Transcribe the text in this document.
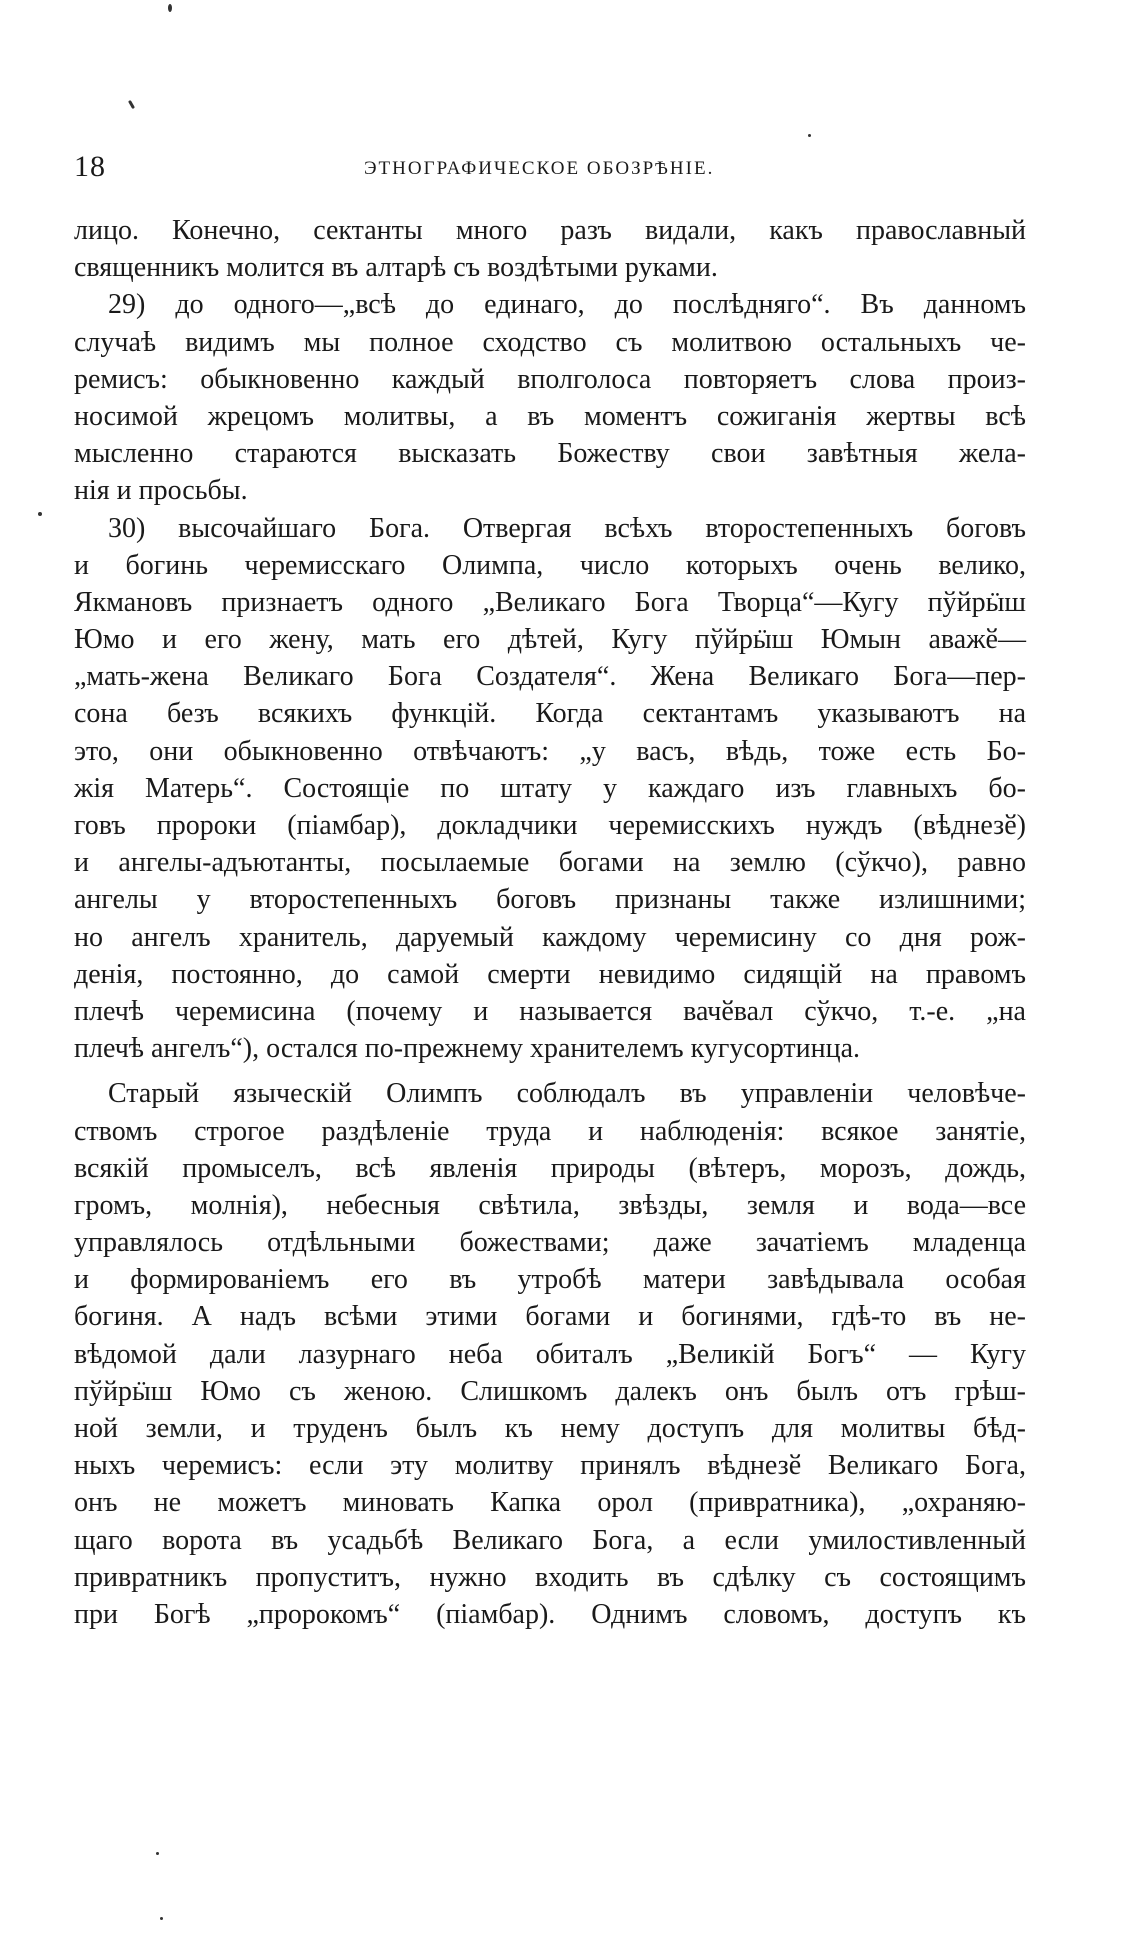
18	ЭТНОГРАФИЧЕСКОЕ ОБОЗРѢНІЕ.
лицо. Конечно, сектанты много разъ видали, какъ православный
священникъ молится въ алтарѣ съ воздѣтыми руками.
29) до одного—„всѣ до единаго, до послѣдняго“. Въ данномъ
случаѣ видимъ мы полное сходство съ молитвою остальныхъ че-
ремисъ: обыкновенно каждый вполголоса повторяетъ слова произ-
носимой жрецомъ молитвы, а въ моментъ сожиганія жертвы всѣ
мысленно стараются высказать Божеству свои завѣтныя жела-
нія и просьбы.
30) высочайшаго Бога. Отвергая всѣхъ второстепенныхъ боговъ
и богинь черемисскаго Олимпа, число которыхъ очень велико,
Якмановъ признаетъ одного „Великаго Бога Творца“—Кугу пўйрӹш
Юмо и его жену, мать его дѣтей, Кугу пўйрӹш Юмын аважӗ—
„мать-жена Великаго Бога Создателя“. Жена Великаго Бога—пер-
сона безъ всякихъ функцій. Когда сектантамъ указываютъ на
это, они обыкновенно отвѣчаютъ: „у васъ, вѣдь, тоже есть Бо-
жія Матерь“. Состоящіе по штату у каждаго изъ главныхъ бо-
говъ пророки (піамбар), докладчики черемисскихъ нуждъ (вѣднезӗ)
и ангелы-адъютанты, посылаемые богами на землю (сўкчо), равно
ангелы у второстепенныхъ боговъ признаны также излишними;
но ангелъ хранитель, даруемый каждому черемисину со дня рож-
денія, постоянно, до самой смерти невидимо сидящій на правомъ
плечѣ черемисина (почему и называется вачӗвал сўкчо, т.-е. „на
плечѣ ангелъ“), остался по-прежнему хранителемъ кугусортинца.
Старый языческій Олимпъ соблюдалъ въ управленіи человѣче-
ствомъ строгое раздѣленіе труда и наблюденія: всякое занятіе,
всякій промыселъ, всѣ явленія природы (вѣтеръ, морозъ, дождь,
громъ, молнія), небесныя свѣтила, звѣзды, земля и вода—все
управлялось отдѣльными божествами; даже зачатіемъ младенца
и формированіемъ его въ утробѣ матери завѣдывала особая
богиня. А надъ всѣми этими богами и богинями, гдѣ-то въ не-
вѣдомой дали лазурнаго неба обиталъ „Великій Богъ“ — Кугу
пўйрӹш Юмо съ женою. Слишкомъ далекъ онъ былъ отъ грѣш-
ной земли, и труденъ былъ къ нему доступъ для молитвы бѣд-
ныхъ черемисъ: если эту молитву принялъ вѣднезӗ Великаго Бога,
онъ не можетъ миновать Капка орол (привратника), „охраняю-
щаго ворота въ усадьбѣ Великаго Бога, а если умилостивленный
привратникъ пропуститъ, нужно входить въ сдѣлку съ состоящимъ
при Богѣ „пророкомъ“ (піамбар). Однимъ словомъ, доступъ къ
